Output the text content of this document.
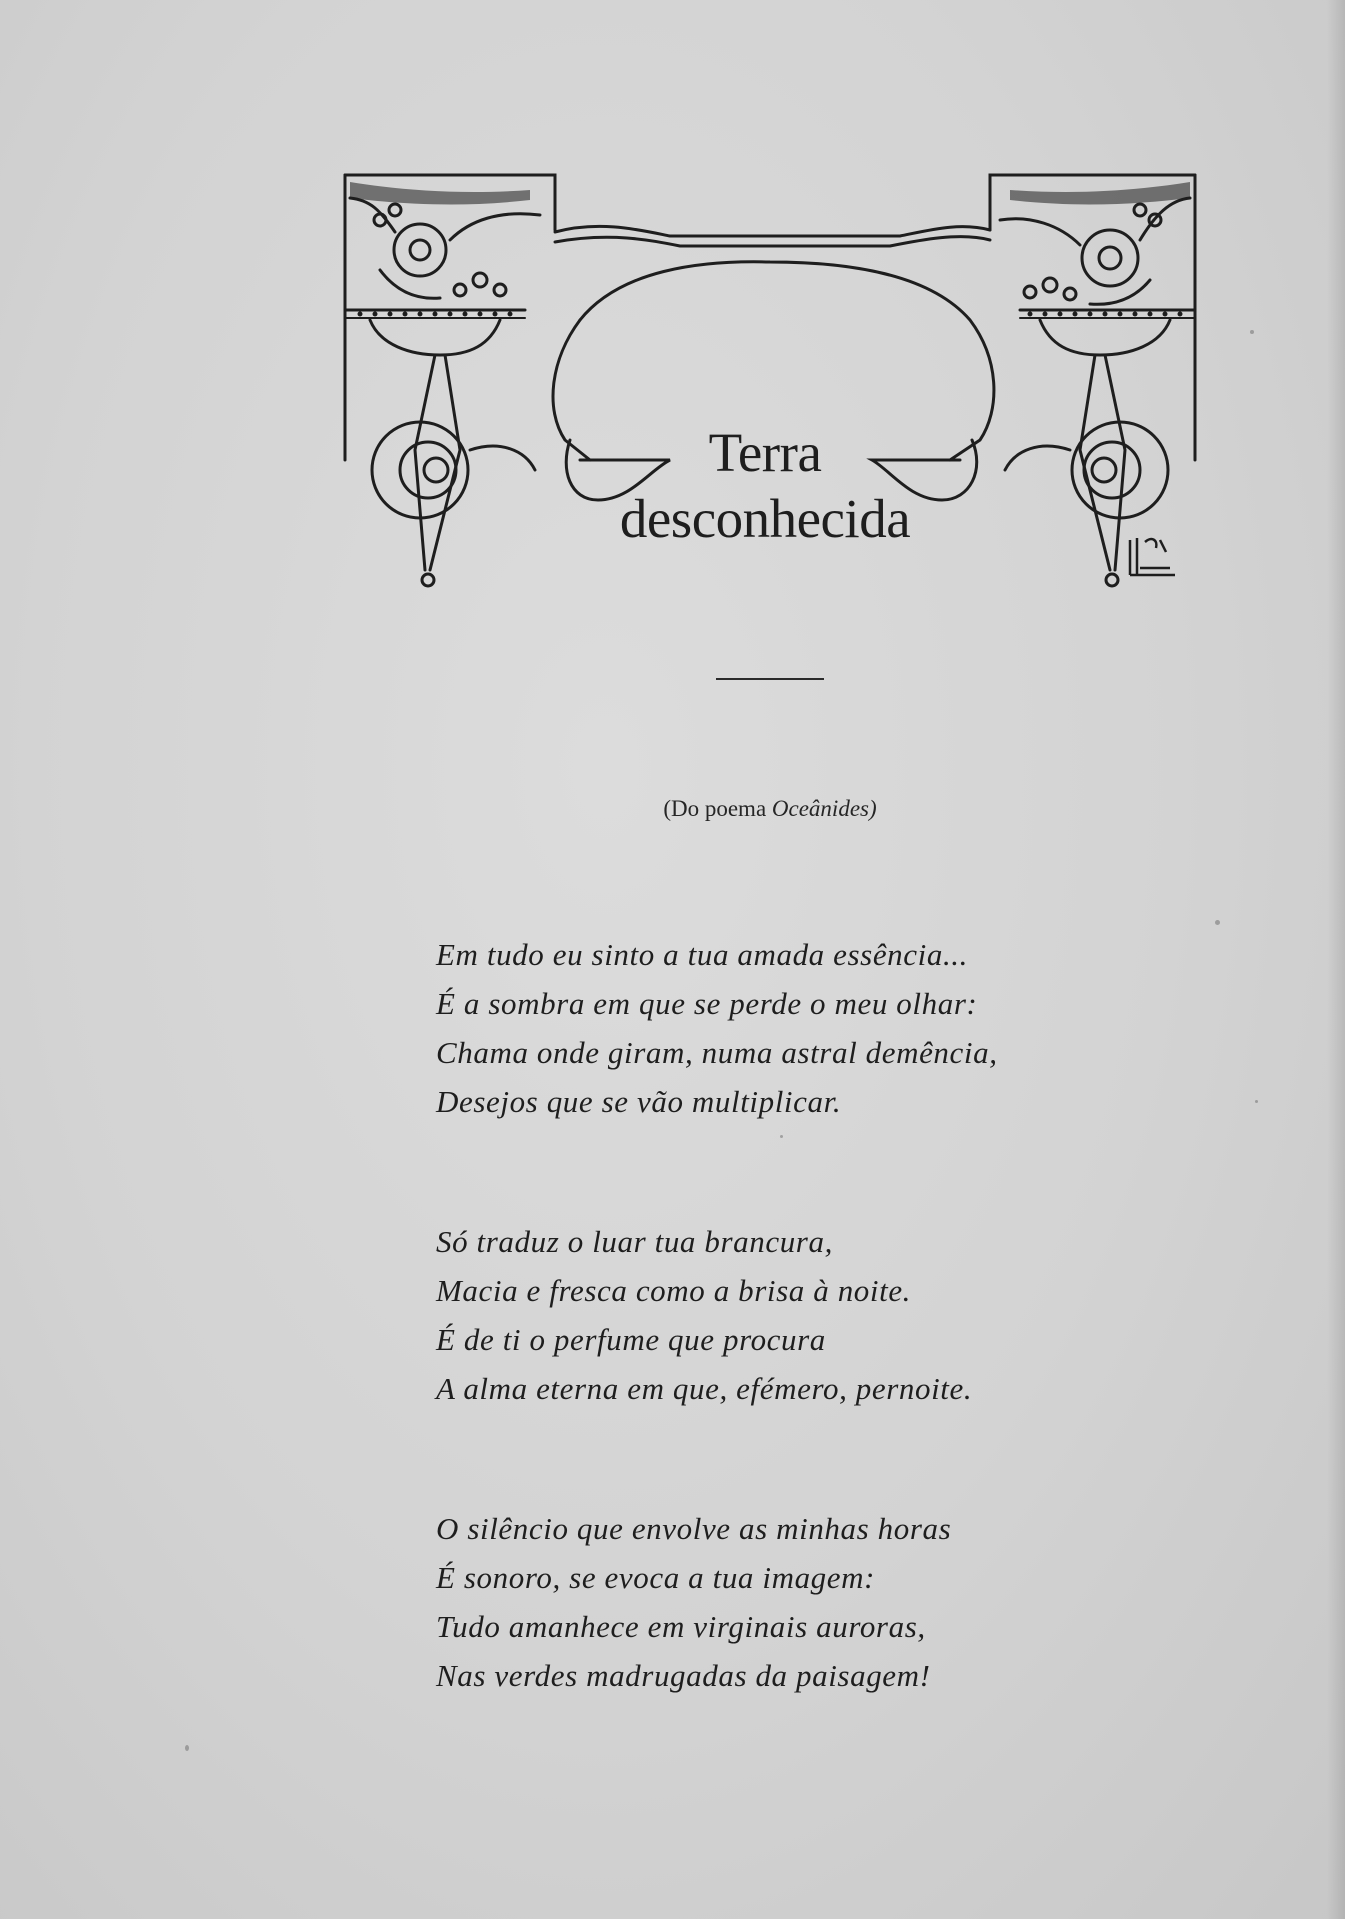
Terra
desconhecida
(Do poema Oceânides)
Em tudo eu sinto a tua amada essência...
É a sombra em que se perde o meu olhar:
Chama onde giram, numa astral demência,
Desejos que se vão multiplicar.
Só traduz o luar tua brancura,
Macia e fresca como a brisa à noite.
É de ti o perfume que procura
A alma eterna em que, efémero, pernoite.
O silêncio que envolve as minhas horas
É sonoro, se evoca a tua imagem:
Tudo amanhece em virginais auroras,
Nas verdes madrugadas da paisagem!
